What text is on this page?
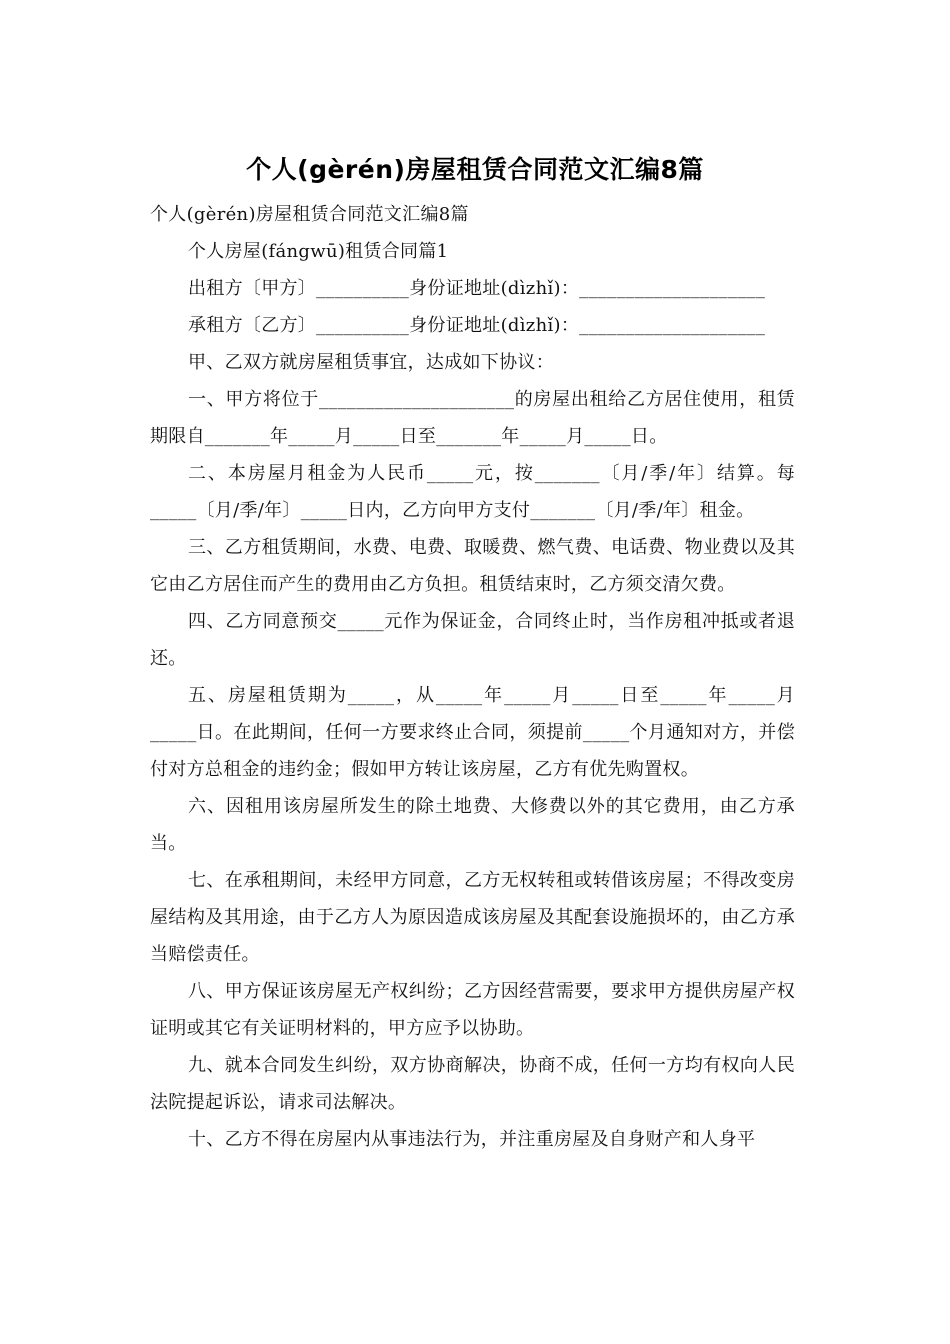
个人(gèrén)房屋租赁合同范文汇编8篇

个人(gèrén)房屋租赁合同范文汇编8篇

个人房屋(fángwū)租赁合同篇1

出租方〔甲方〕__________身份证地址(dìzhǐ)：____________________

承租方〔乙方〕__________身份证地址(dìzhǐ)：____________________

甲、乙双方就房屋租赁事宜，达成如下协议：

一、甲方将位于_____________________的房屋出租给乙方居住使用，租赁期限自_______年_____月_____日至_______年_____月_____日。

二、本房屋月租金为人民币_____元，按_______〔月/季/年〕结算。每_____〔月/季/年〕_____日内，乙方向甲方支付_______〔月/季/年〕租金。

三、乙方租赁期间，水费、电费、取暖费、燃气费、电话费、物业费以及其它由乙方居住而产生的费用由乙方负担。租赁结束时，乙方须交清欠费。

四、乙方同意预交_____元作为保证金，合同终止时，当作房租冲抵或者退还。

五、房屋租赁期为_____，从_____年_____月_____日至_____年_____月_____日。在此期间，任何一方要求终止合同，须提前_____个月通知对方，并偿付对方总租金的违约金；假如甲方转让该房屋，乙方有优先购置权。

六、因租用该房屋所发生的除土地费、大修费以外的其它费用，由乙方承当。

七、在承租期间，未经甲方同意，乙方无权转租或转借该房屋；不得改变房屋结构及其用途，由于乙方人为原因造成该房屋及其配套设施损坏的，由乙方承当赔偿责任。

八、甲方保证该房屋无产权纠纷；乙方因经营需要，要求甲方提供房屋产权证明或其它有关证明材料的，甲方应予以协助。

九、就本合同发生纠纷，双方协商解决，协商不成，任何一方均有权向人民法院提起诉讼，请求司法解决。

十、乙方不得在房屋内从事违法行为，并注重房屋及自身财产和人身平
